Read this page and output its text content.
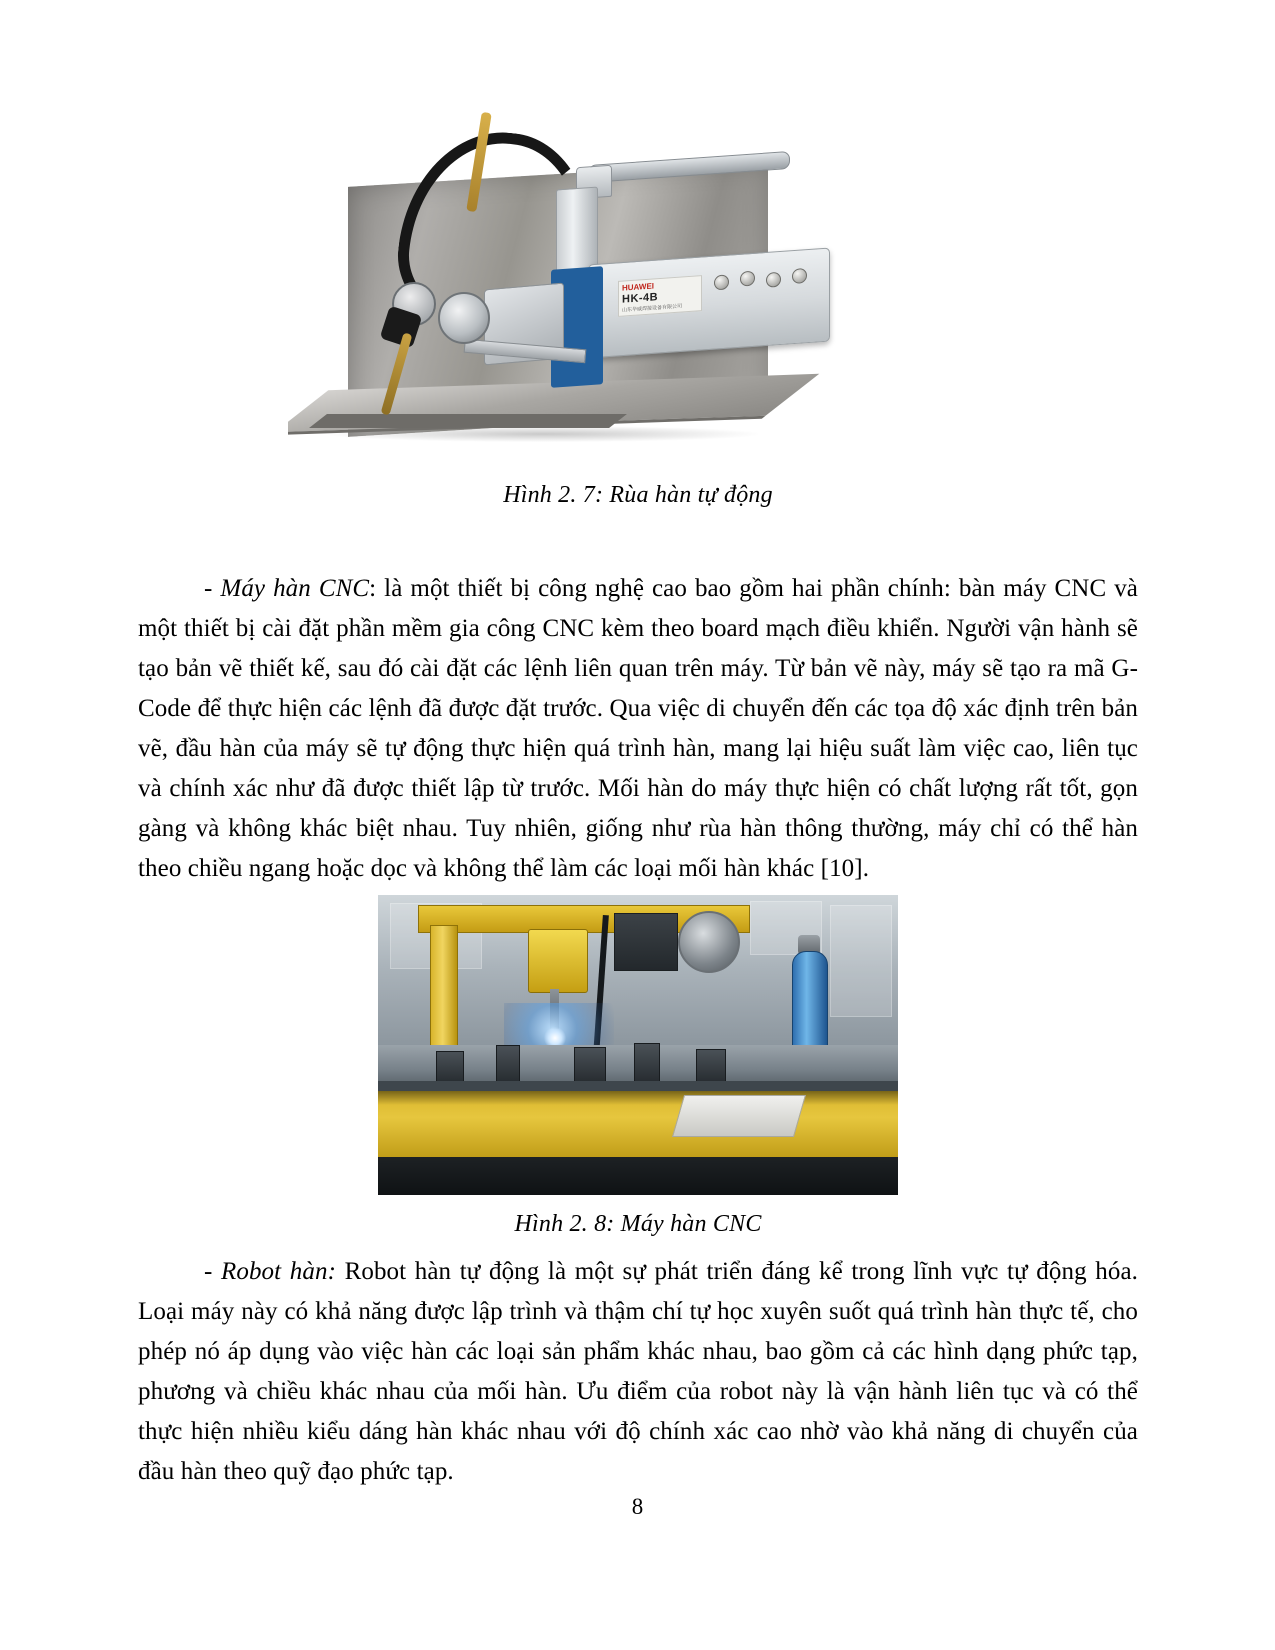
HUAWEI
HK-4B
山东华威焊接设备有限公司
Hình 2. 7: Rùa hàn tự động

- Máy hàn CNC: là một thiết bị công nghệ cao bao gồm hai phần chính: bàn máy CNC và một thiết bị cài đặt phần mềm gia công CNC kèm theo board mạch điều khiển. Người vận hành sẽ tạo bản vẽ thiết kế, sau đó cài đặt các lệnh liên quan trên máy. Từ bản vẽ này, máy sẽ tạo ra mã G-Code để thực hiện các lệnh đã được đặt trước. Qua việc di chuyển đến các tọa độ xác định trên bản vẽ, đầu hàn của máy sẽ tự động thực hiện quá trình hàn, mang lại hiệu suất làm việc cao, liên tục và chính xác như đã được thiết lập từ trước. Mối hàn do máy thực hiện có chất lượng rất tốt, gọn gàng và không khác biệt nhau. Tuy nhiên, giống như rùa hàn thông thường, máy chỉ có thể hàn theo chiều ngang hoặc dọc và không thể làm các loại mối hàn khác [10].

Hình 2. 8: Máy hàn CNC

- Robot hàn: Robot hàn tự động là một sự phát triển đáng kể trong lĩnh vực tự động hóa. Loại máy này có khả năng được lập trình và thậm chí tự học xuyên suốt quá trình hàn thực tế, cho phép nó áp dụng vào việc hàn các loại sản phẩm khác nhau, bao gồm cả các hình dạng phức tạp, phương và chiều khác nhau của mối hàn. Ưu điểm của robot này là vận hành liên tục và có thể thực hiện nhiều kiểu dáng hàn khác nhau với độ chính xác cao nhờ vào khả năng di chuyển của đầu hàn theo quỹ đạo phức tạp.

8
